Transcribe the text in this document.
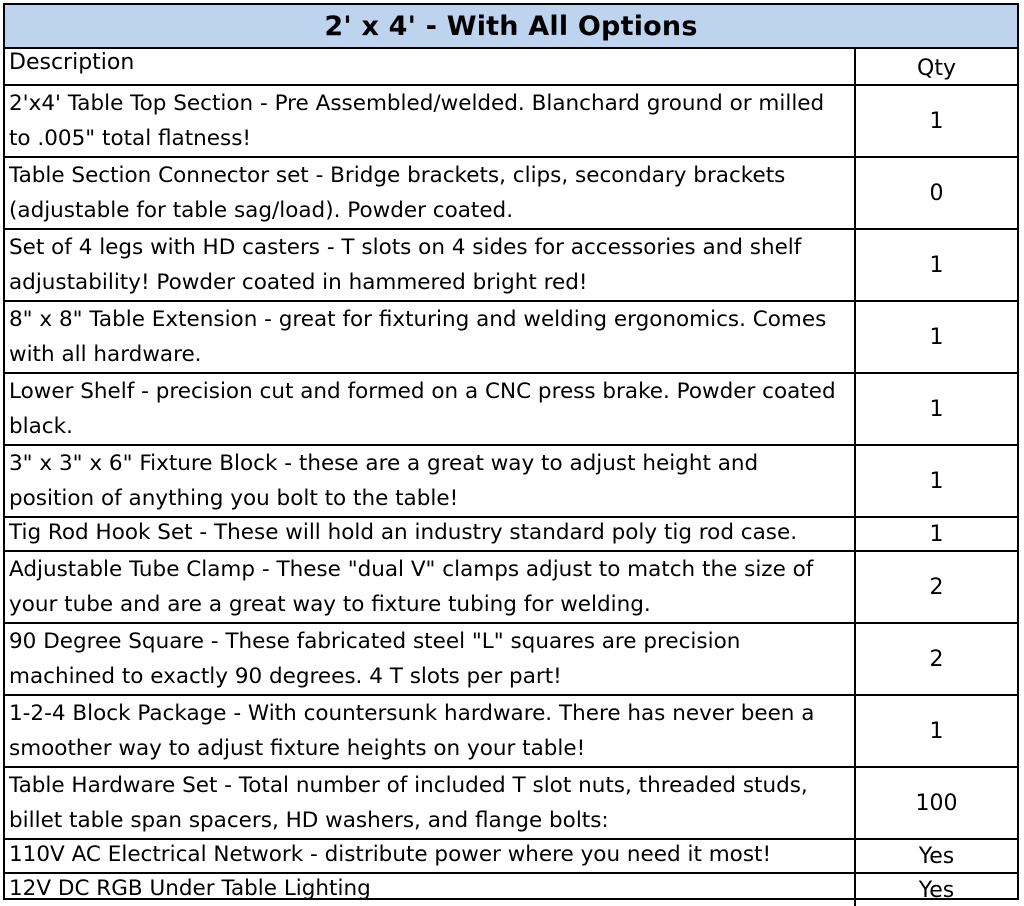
2' x 4' - With All Options	
Description	Qty
2'x4' Table Top Section - Pre Assembled/welded. Blanchard ground or milled to .005" total flatness!	1
Table Section Connector set - Bridge brackets, clips, secondary brackets (adjustable for table sag/load). Powder coated.	0
Set of 4 legs with HD casters - T slots on 4 sides for accessories and shelf adjustability! Powder coated in hammered bright red!	1
8" x 8" Table Extension - great for fixturing and welding ergonomics. Comes with all hardware.	1
Lower Shelf - precision cut and formed on a CNC press brake. Powder coated black.	1
3" x 3" x 6" Fixture Block - these are a great way to adjust height and position of anything you bolt to the table!	1
Tig Rod Hook Set - These will hold an industry standard poly tig rod case.	1
Adjustable Tube Clamp - These "dual V" clamps adjust to match the size of your tube and are a great way to fixture tubing for welding.	2
90 Degree Square - These fabricated steel "L" squares are precision machined to exactly 90 degrees. 4 T slots per part!	2
1-2-4 Block Package - With countersunk hardware. There has never been a smoother way to adjust fixture heights on your table!	1
Table Hardware Set - Total number of included T slot nuts, threaded studs, billet table span spacers, HD washers, and flange bolts:	100
110V AC Electrical Network - distribute power where you need it most!	Yes
12V DC RGB Under Table Lighting	Yes
